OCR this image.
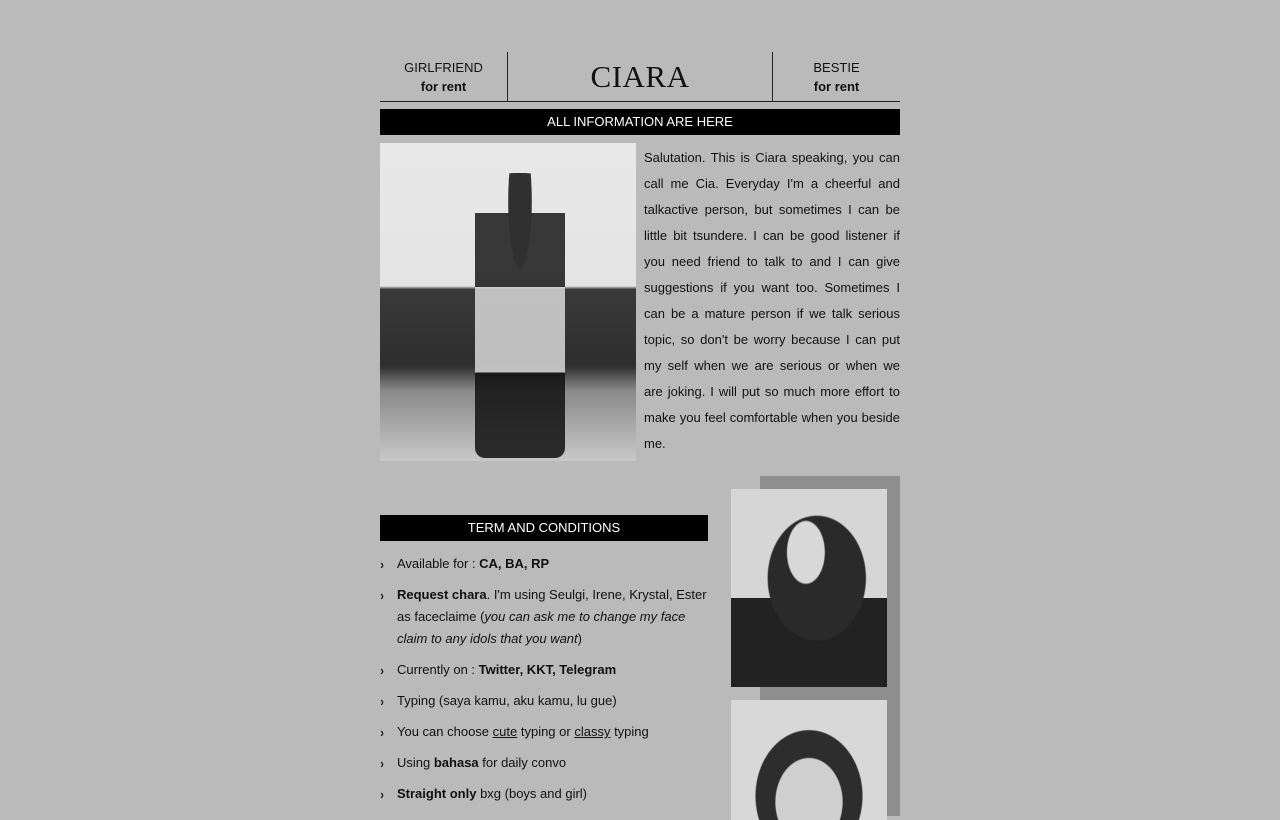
GIRLFRIEND
for rent	CIARA	BESTIE
for rent
ALL INFORMATION ARE HERE
Salutation. This is Ciara speaking, you can call me Cia. Everyday I'm a cheerful and talkactive person, but sometimes I can be little bit tsundere. I can be good listener if you need friend to talk to and I can give suggestions if you want too. Sometimes I can be a mature person if we talk serious topic, so don't be worry because I can put my self when we are serious or when we are joking. I will put so much more effort to make you feel comfortable when you beside me.
TERM AND CONDITIONS
› Available for : CA, BA, RP
› Request chara. I'm using Seulgi, Irene, Krystal, Ester as faceclaime (you can ask me to change my face claim to any idols that you want)
› Currently on : Twitter, KKT, Telegram
› Typing (saya kamu, aku kamu, lu gue)
› You can choose cute typing or classy typing
› Using bahasa for daily convo
› Straight only bxg (boys and girl)
